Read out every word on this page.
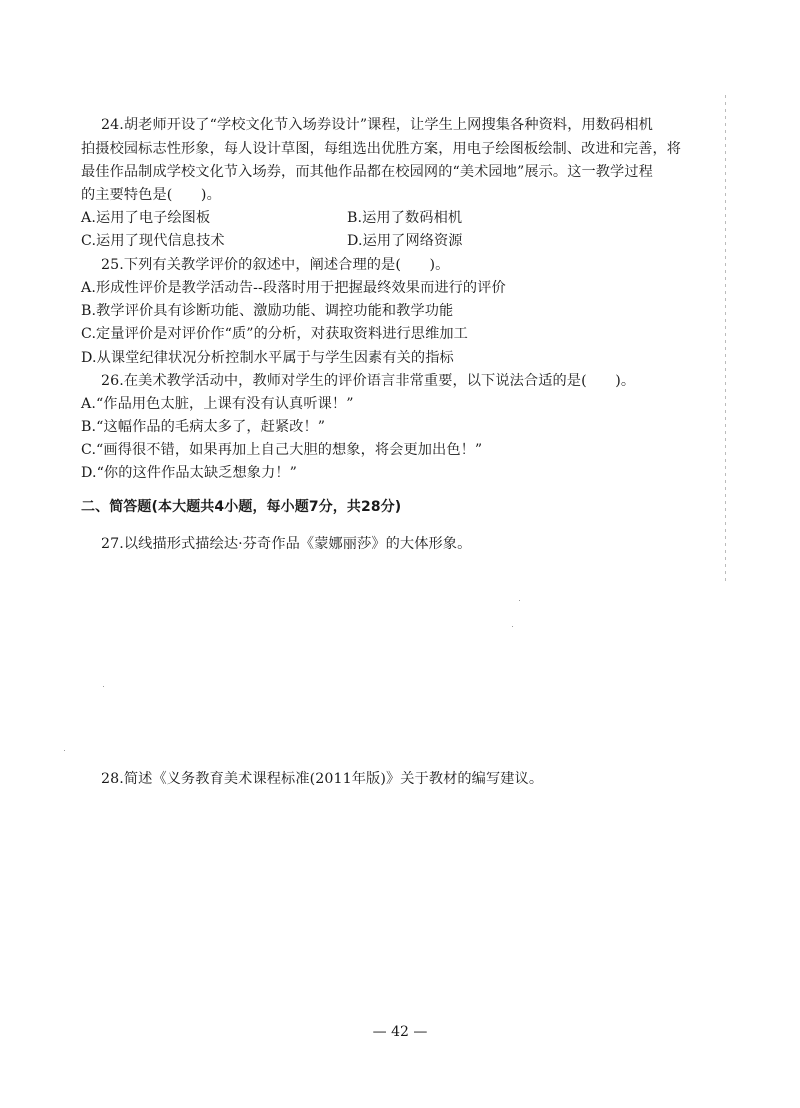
24.胡老师开设了“学校文化节入场券设计”课程，让学生上网搜集各种资料，用数码相机
拍摄校园标志性形象，每人设计草图，每组选出优胜方案，用电子绘图板绘制、改进和完善，将
最佳作品制成学校文化节入场券，而其他作品都在校园网的“美术园地”展示。这一教学过程
的主要特色是(　　)。
A.运用了电子绘图板	B.运用了数码相机
C.运用了现代信息技术	D.运用了网络资源
25.下列有关教学评价的叙述中，阐述合理的是(　　)。
A.形成性评价是教学活动告--段落时用于把握最终效果而进行的评价
B.教学评价具有诊断功能、激励功能、调控功能和教学功能
C.定量评价是对评价作“质”的分析，对获取资料进行思维加工
D.从课堂纪律状况分析控制水平属于与学生因素有关的指标
26.在美术教学活动中，教师对学生的评价语言非常重要，以下说法合适的是(　　)。
A.“作品用色太脏，上课有没有认真听课！”
B.“这幅作品的毛病太多了，赶紧改！”
C.“画得很不错，如果再加上自己大胆的想象，将会更加出色！”
D.“你的这件作品太缺乏想象力！”
二、简答题(本大题共4小题，每小题7分，共28分)
27.以线描形式描绘达·芬奇作品《蒙娜丽莎》的大体形象。
28.简述《义务教育美术课程标准(2011年版)》关于教材的编写建议。
— 42 —
